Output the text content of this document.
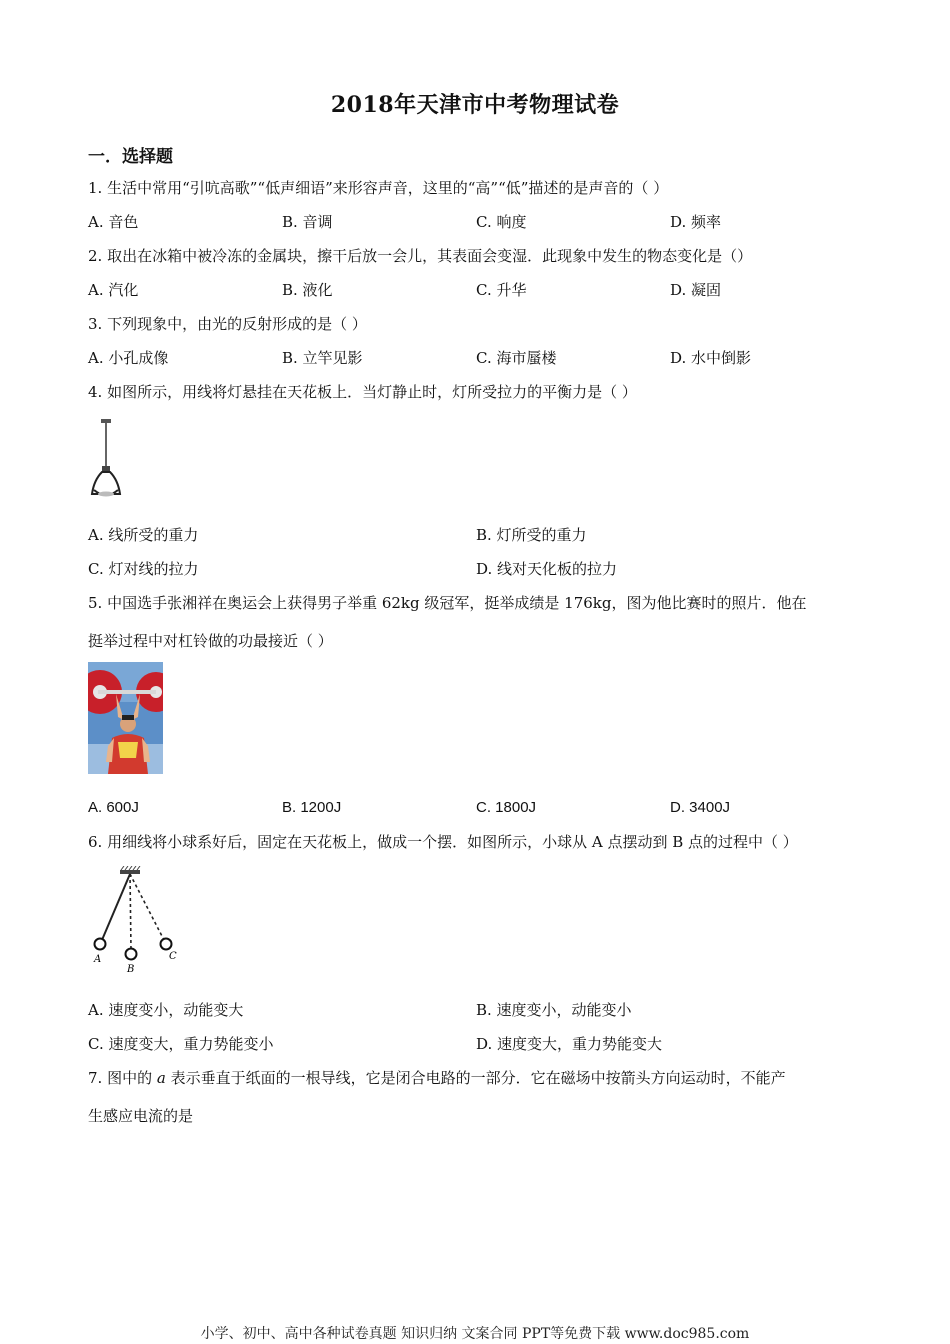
2018年天津市中考物理试卷
一．选择题
1. 生活中常用“引吭高歌”“低声细语”来形容声音，这里的“高”“低”描述的是声音的（ ）
A. 音色	B. 音调	C. 响度	D. 频率
2. 取出在冰箱中被冷冻的金属块，擦干后放一会儿，其表面会变湿．此现象中发生的物态变化是（）
A. 汽化	B. 液化	C. 升华	D. 凝固
3. 下列现象中，由光的反射形成的是（ ）
A. 小孔成像	B. 立竿见影	C. 海市蜃楼	D. 水中倒影
4. 如图所示，用线将灯悬挂在天花板上．当灯静止时，灯所受拉力的平衡力是（ ）
A. 线所受的重力	B. 灯所受的重力
C. 灯对线的拉力	D. 线对天化板的拉力
5. 中国选手张湘祥在奥运会上获得男子举重 62kg 级冠军，挺举成绩是 176kg，图为他比赛时的照片．他在
挺举过程中对杠铃做的功最接近（ ）
A. 600J	B. 1200J	C. 1800J	D. 3400J
6. 用细线将小球系好后，固定在天花板上，做成一个摆．如图所示，小球从 A 点摆动到 B 点的过程中（ ）
A
B
C
A. 速度变小，动能变大	B. 速度变小，动能变小
C. 速度变大，重力势能变小	D. 速度变大，重力势能变大
7. 图中的 a 表示垂直于纸面的一根导线，它是闭合电路的一部分．它在磁场中按箭头方向运动时，不能产
生感应电流的是
小学、初中、高中各种试卷真题 知识归纳 文案合同 PPT等免费下载 www.doc985.com
